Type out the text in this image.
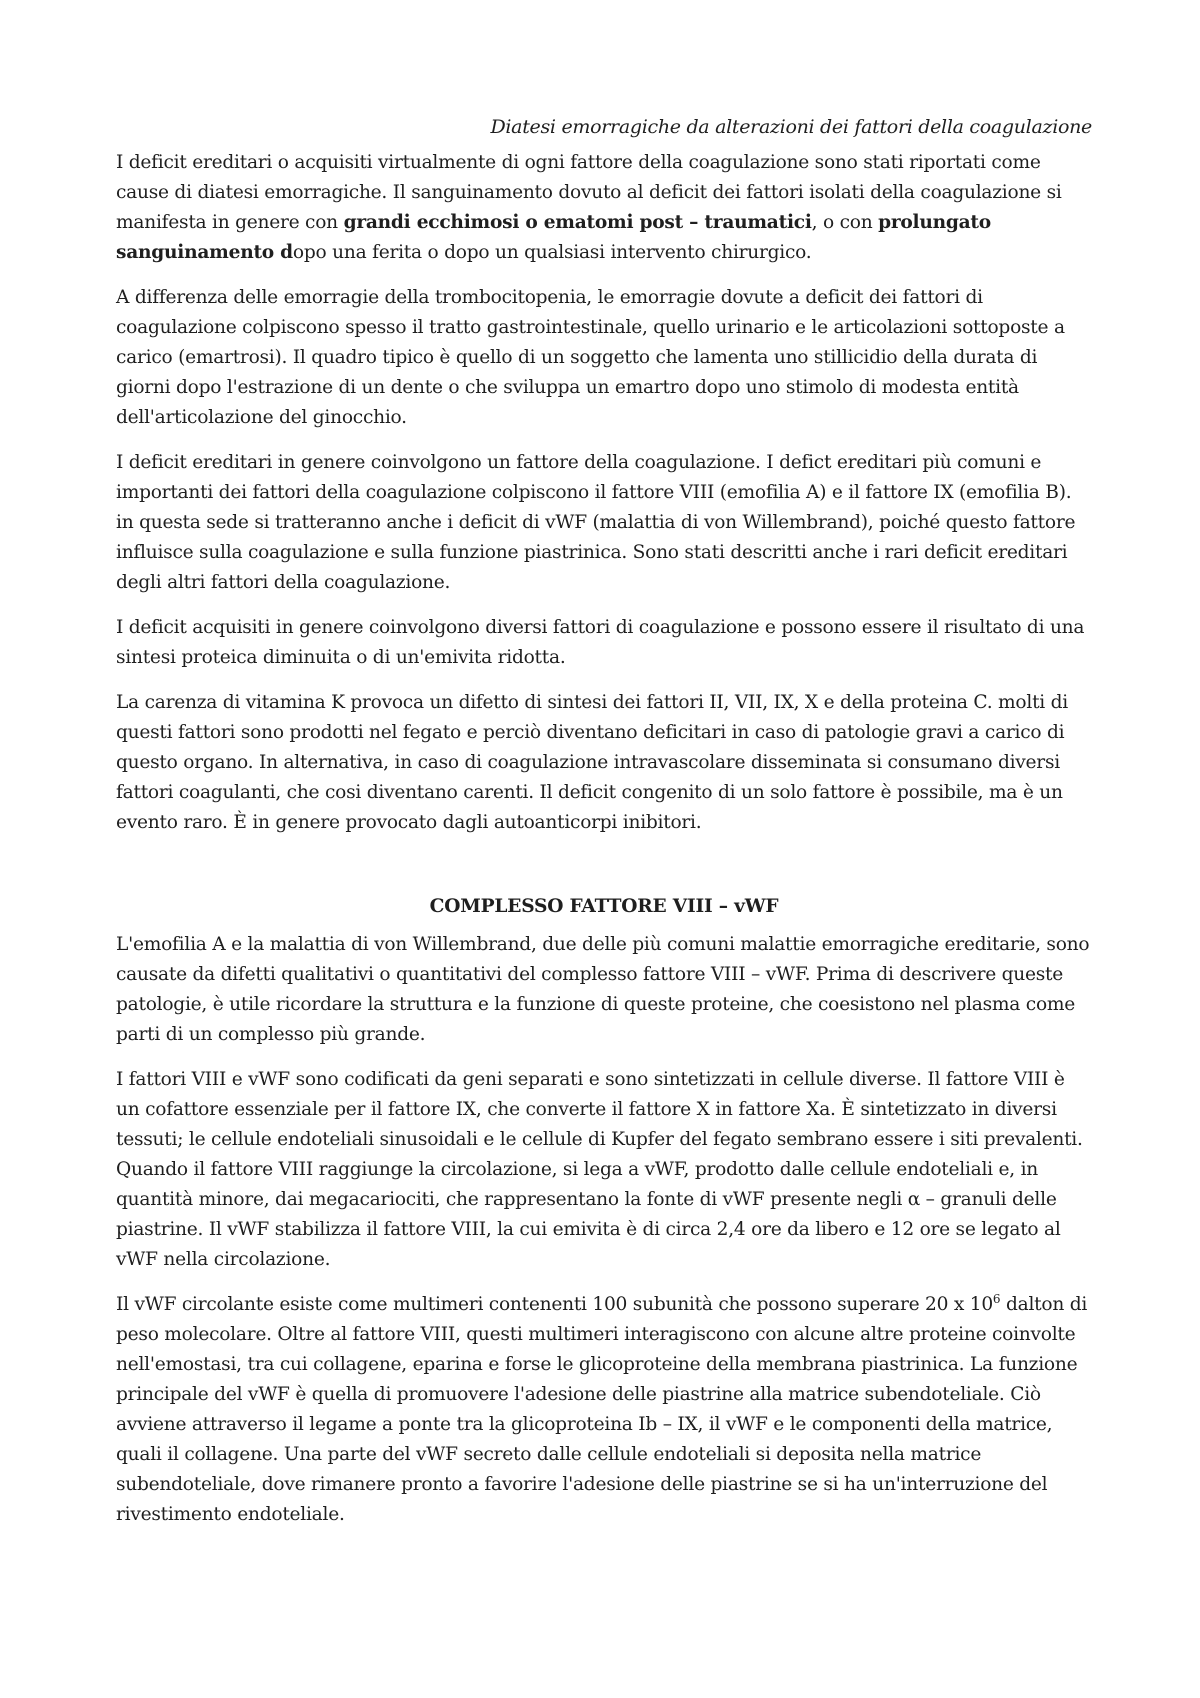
Diatesi emorragiche da alterazioni dei fattori della coagulazione

I deficit ereditari o acquisiti virtualmente di ogni fattore della coagulazione sono stati riportati come cause di diatesi emorragiche. Il sanguinamento dovuto al deficit dei fattori isolati della coagulazione si manifesta in genere con grandi ecchimosi o ematomi post – traumatici, o con prolungato sanguinamento dopo una ferita o dopo un qualsiasi intervento chirurgico.

A differenza delle emorragie della trombocitopenia, le emorragie dovute a deficit dei fattori di coagulazione colpiscono spesso il tratto gastrointestinale, quello urinario e le articolazioni sottoposte a carico (emartrosi). Il quadro tipico è quello di un soggetto che lamenta uno stillicidio della durata di giorni dopo l'estrazione di un dente o che sviluppa un emartro dopo uno stimolo di modesta entità dell'articolazione del ginocchio.

I deficit ereditari in genere coinvolgono un fattore della coagulazione. I defict ereditari più comuni e importanti dei fattori della coagulazione colpiscono il fattore VIII (emofilia A) e il fattore IX (emofilia B). in questa sede si tratteranno anche i deficit di vWF (malattia di von Willembrand), poiché questo fattore influisce sulla coagulazione e sulla funzione piastrinica. Sono stati descritti anche i rari deficit ereditari degli altri fattori della coagulazione.

I deficit acquisiti in genere coinvolgono diversi fattori di coagulazione e possono essere il risultato di una sintesi proteica diminuita o di un'emivita ridotta.

La carenza di vitamina K provoca un difetto di sintesi dei fattori II, VII, IX, X e della proteina C. molti di questi fattori sono prodotti nel fegato e perciò diventano deficitari in caso di patologie gravi a carico di questo organo. In alternativa, in caso di coagulazione intravascolare disseminata si consumano diversi fattori coagulanti, che cosi diventano carenti. Il deficit congenito di un solo fattore è possibile, ma è un evento raro. È in genere provocato dagli autoanticorpi inibitori.

COMPLESSO FATTORE VIII – vWF

L'emofilia A e la malattia di von Willembrand, due delle più comuni malattie emorragiche ereditarie, sono causate da difetti qualitativi o quantitativi del complesso fattore VIII – vWF. Prima di descrivere queste patologie, è utile ricordare la struttura e la funzione di queste proteine, che coesistono nel plasma come parti di un complesso più grande.

I fattori VIII e vWF sono codificati da geni separati e sono sintetizzati in cellule diverse. Il fattore VIII è un cofattore essenziale per il fattore IX, che converte il fattore X in fattore Xa. È sintetizzato in diversi tessuti; le cellule endoteliali sinusoidali e le cellule di Kupfer del fegato sembrano essere i siti prevalenti. Quando il fattore VIII raggiunge la circolazione, si lega a vWF, prodotto dalle cellule endoteliali e, in quantità minore, dai megacariociti, che rappresentano la fonte di vWF presente negli α – granuli delle piastrine. Il vWF stabilizza il fattore VIII, la cui emivita è di circa 2,4 ore da libero e 12 ore se legato al vWF nella circolazione.

Il vWF circolante esiste come multimeri contenenti 100 subunità che possono superare 20 x $10^6$ dalton di peso molecolare. Oltre al fattore VIII, questi multimeri interagiscono con alcune altre proteine coinvolte nell'emostasi, tra cui collagene, eparina e forse le glicoproteine della membrana piastrinica. La funzione principale del vWF è quella di promuovere l'adesione delle piastrine alla matrice subendoteliale. Ciò avviene attraverso il legame a ponte tra la glicoproteina Ib – IX, il vWF e le componenti della matrice, quali il collagene. Una parte del vWF secreto dalle cellule endoteliali si deposita nella matrice subendoteliale, dove rimanere pronto a favorire l'adesione delle piastrine se si ha un'interruzione del rivestimento endoteliale.
